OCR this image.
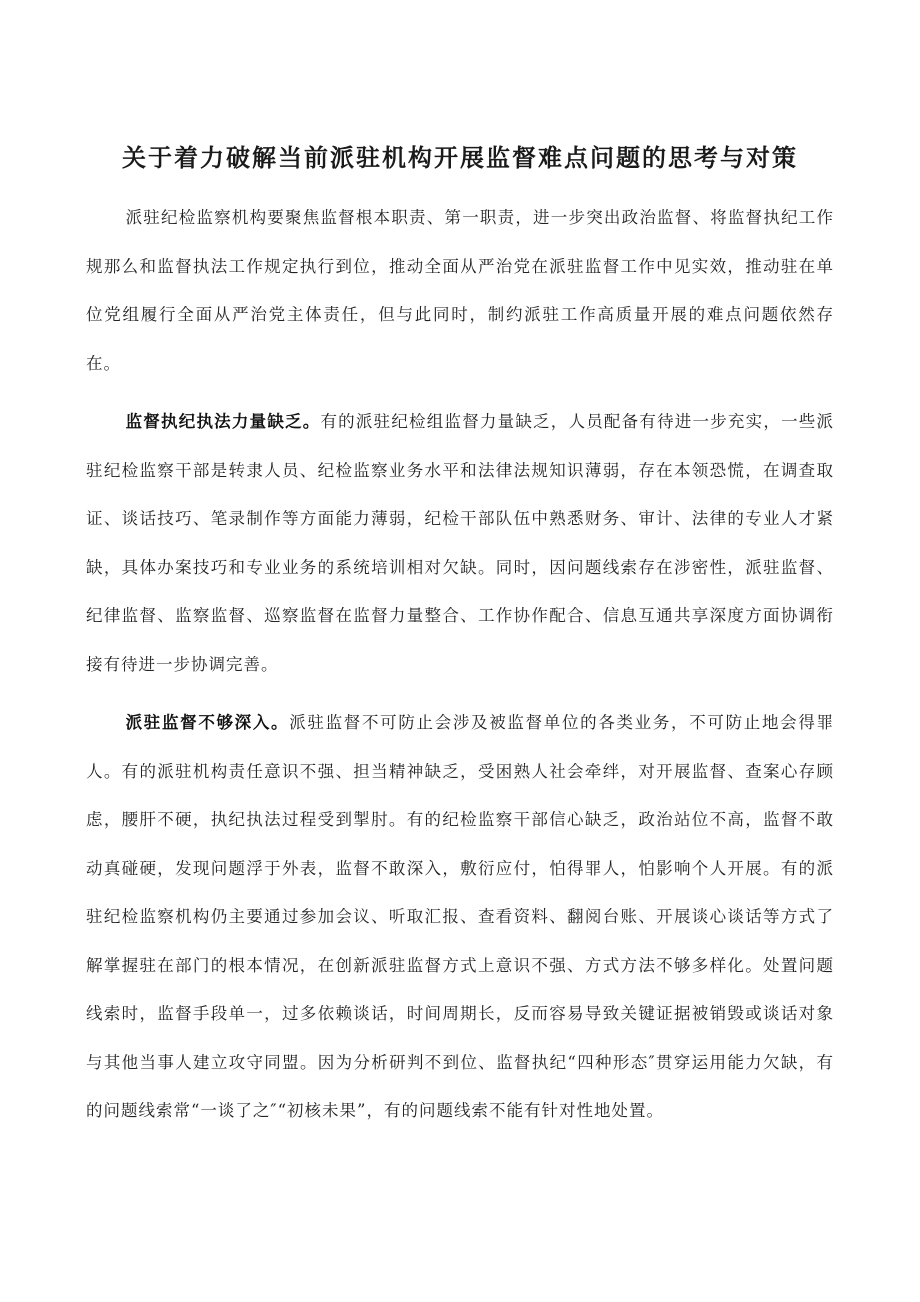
关于着力破解当前派驻机构开展监督难点问题的思考与对策

派驻纪检监察机构要聚焦监督根本职责、第一职责，进一步突出政治监督、将监督执纪工作规那么和监督执法工作规定执行到位，推动全面从严治党在派驻监督工作中见实效，推动驻在单位党组履行全面从严治党主体责任，但与此同时，制约派驻工作高质量开展的难点问题依然存在。

监督执纪执法力量缺乏。有的派驻纪检组监督力量缺乏，人员配备有待进一步充实，一些派驻纪检监察干部是转隶人员、纪检监察业务水平和法律法规知识薄弱，存在本领恐慌，在调查取证、谈话技巧、笔录制作等方面能力薄弱，纪检干部队伍中熟悉财务、审计、法律的专业人才紧缺，具体办案技巧和专业业务的系统培训相对欠缺。同时，因问题线索存在涉密性，派驻监督、纪律监督、监察监督、巡察监督在监督力量整合、工作协作配合、信息互通共享深度方面协调衔接有待进一步协调完善。

派驻监督不够深入。派驻监督不可防止会涉及被监督单位的各类业务，不可防止地会得罪人。有的派驻机构责任意识不强、担当精神缺乏，受困熟人社会牵绊，对开展监督、查案心存顾虑，腰肝不硬，执纪执法过程受到掣肘。有的纪检监察干部信心缺乏，政治站位不高，监督不敢动真碰硬，发现问题浮于外表，监督不敢深入，敷衍应付，怕得罪人，怕影响个人开展。有的派驻纪检监察机构仍主要通过参加会议、听取汇报、查看资料、翻阅台账、开展谈心谈话等方式了解掌握驻在部门的根本情况，在创新派驻监督方式上意识不强、方式方法不够多样化。处置问题线索时，监督手段单一，过多依赖谈话，时间周期长，反而容易导致关键证据被销毁或谈话对象与其他当事人建立攻守同盟。因为分析研判不到位、监督执纪“四种形态″贯穿运用能力欠缺，有的问题线索常“一谈了之″“初核未果”，有的问题线索不能有针对性地处置。
